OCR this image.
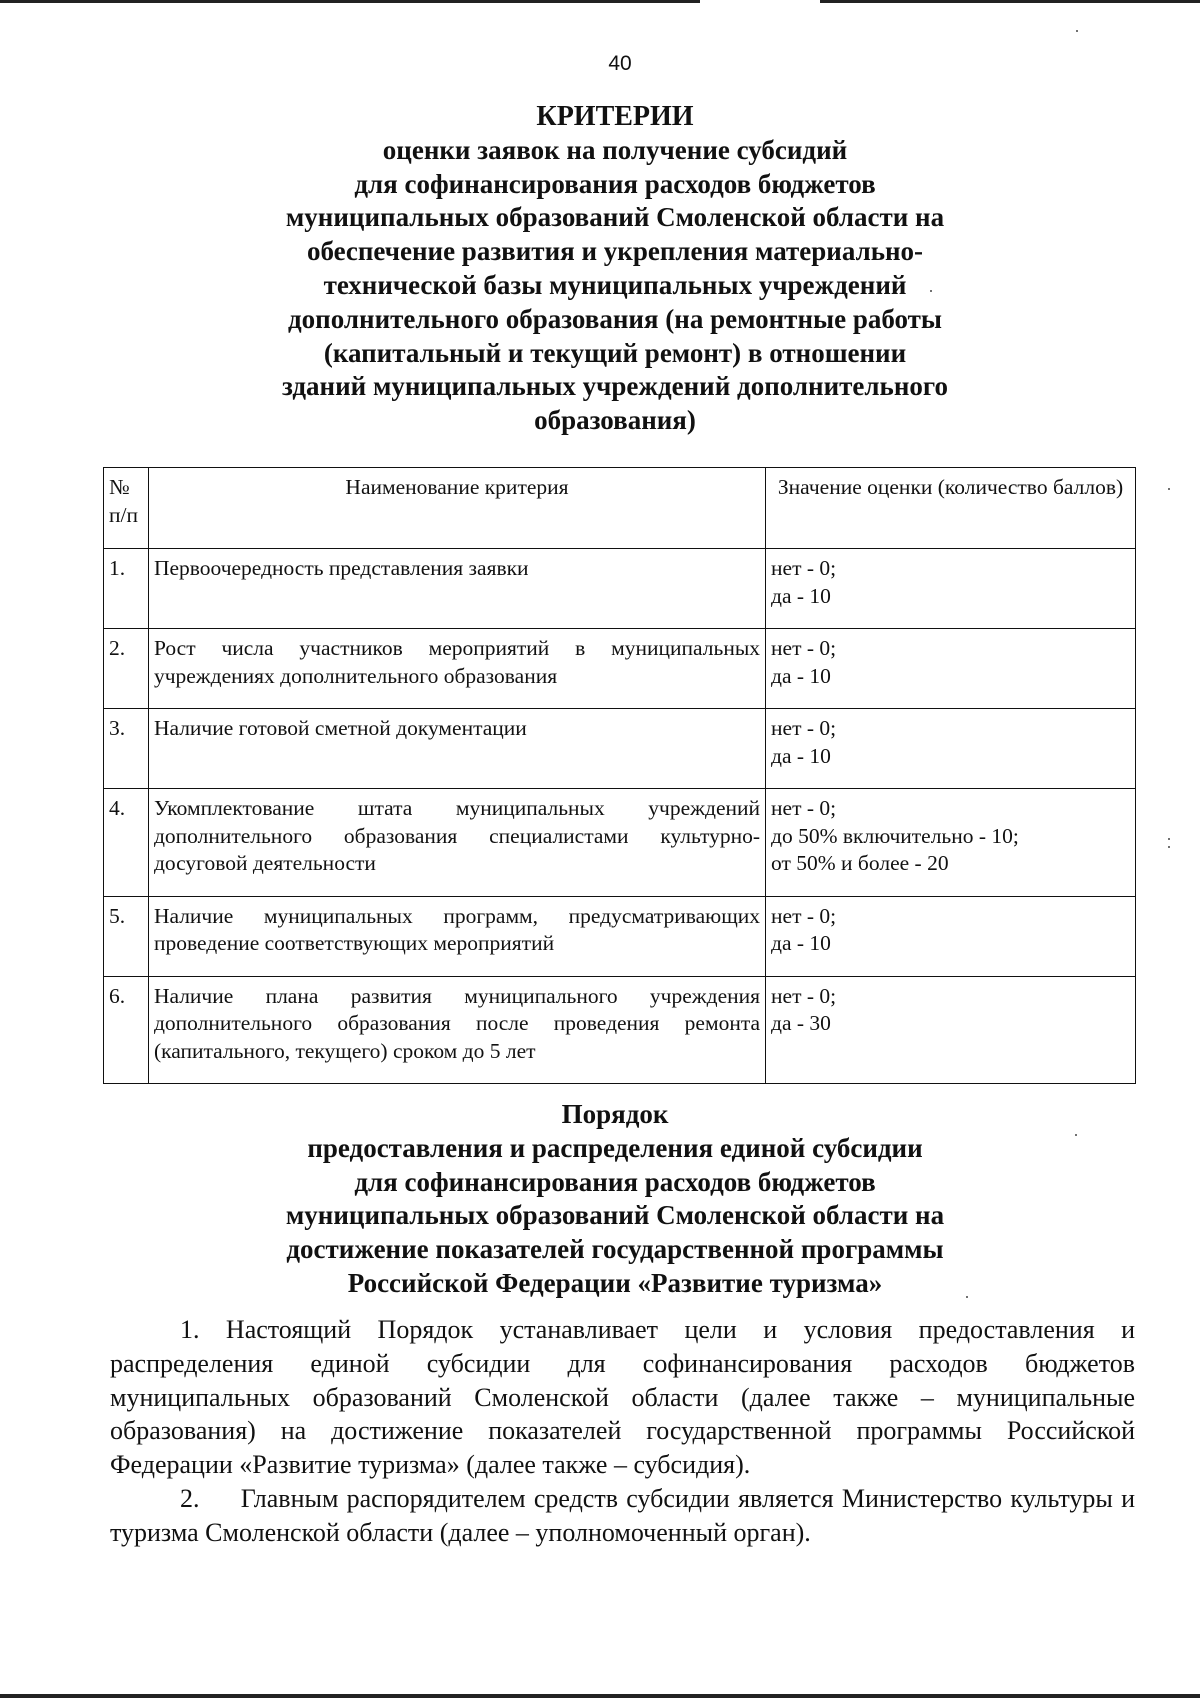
40
КРИТЕРИИ
оценки заявок на получение субсидий
для софинансирования расходов бюджетов
муниципальных образований Смоленской области на
обеспечение развития и укрепления материально-
технической базы муниципальных учреждений
дополнительного образования (на ремонтные работы
(капитальный и текущий ремонт) в отношении
зданий муниципальных учреждений дополнительного
образования)
№ п/п	Наименование критерия	Значение оценки (количество баллов)
1.	Первоочередность представления заявки	нет - 0;
да - 10

2.	Рост числа участников мероприятий в муниципальных учреждениях дополнительного образования	нет - 0;
да - 10

3.	Наличие готовой сметной документации	нет - 0;
да - 10

4.	Укомплектование штата муниципальных учреждений дополнительного образования специалистами культурно-досуговой деятельности	нет - 0;
до 50% включительно - 10;
от 50% и более - 20

5.	Наличие муниципальных программ, предусматривающих проведение соответствующих мероприятий	нет - 0;
да - 10

6.	Наличие плана развития муниципального учреждения дополнительного образования после проведения ремонта (капитального, текущего) сроком до 5 лет	нет - 0;
да - 30
Порядок
предоставления и распределения единой субсидии
для софинансирования расходов бюджетов
муниципальных образований Смоленской области на
достижение показателей государственной программы
Российской Федерации «Развитие туризма»

1. Настоящий Порядок устанавливает цели и условия предоставления и распределения единой субсидии для софинансирования расходов бюджетов муниципальных образований Смоленской области (далее также – муниципальные образования) на достижение показателей государственной программы Российской Федерации «Развитие туризма» (далее также – субсидия).

2.     Главным распорядителем средств субсидии является Министерство культуры и туризма Смоленской области (далее – уполномоченный орган).
